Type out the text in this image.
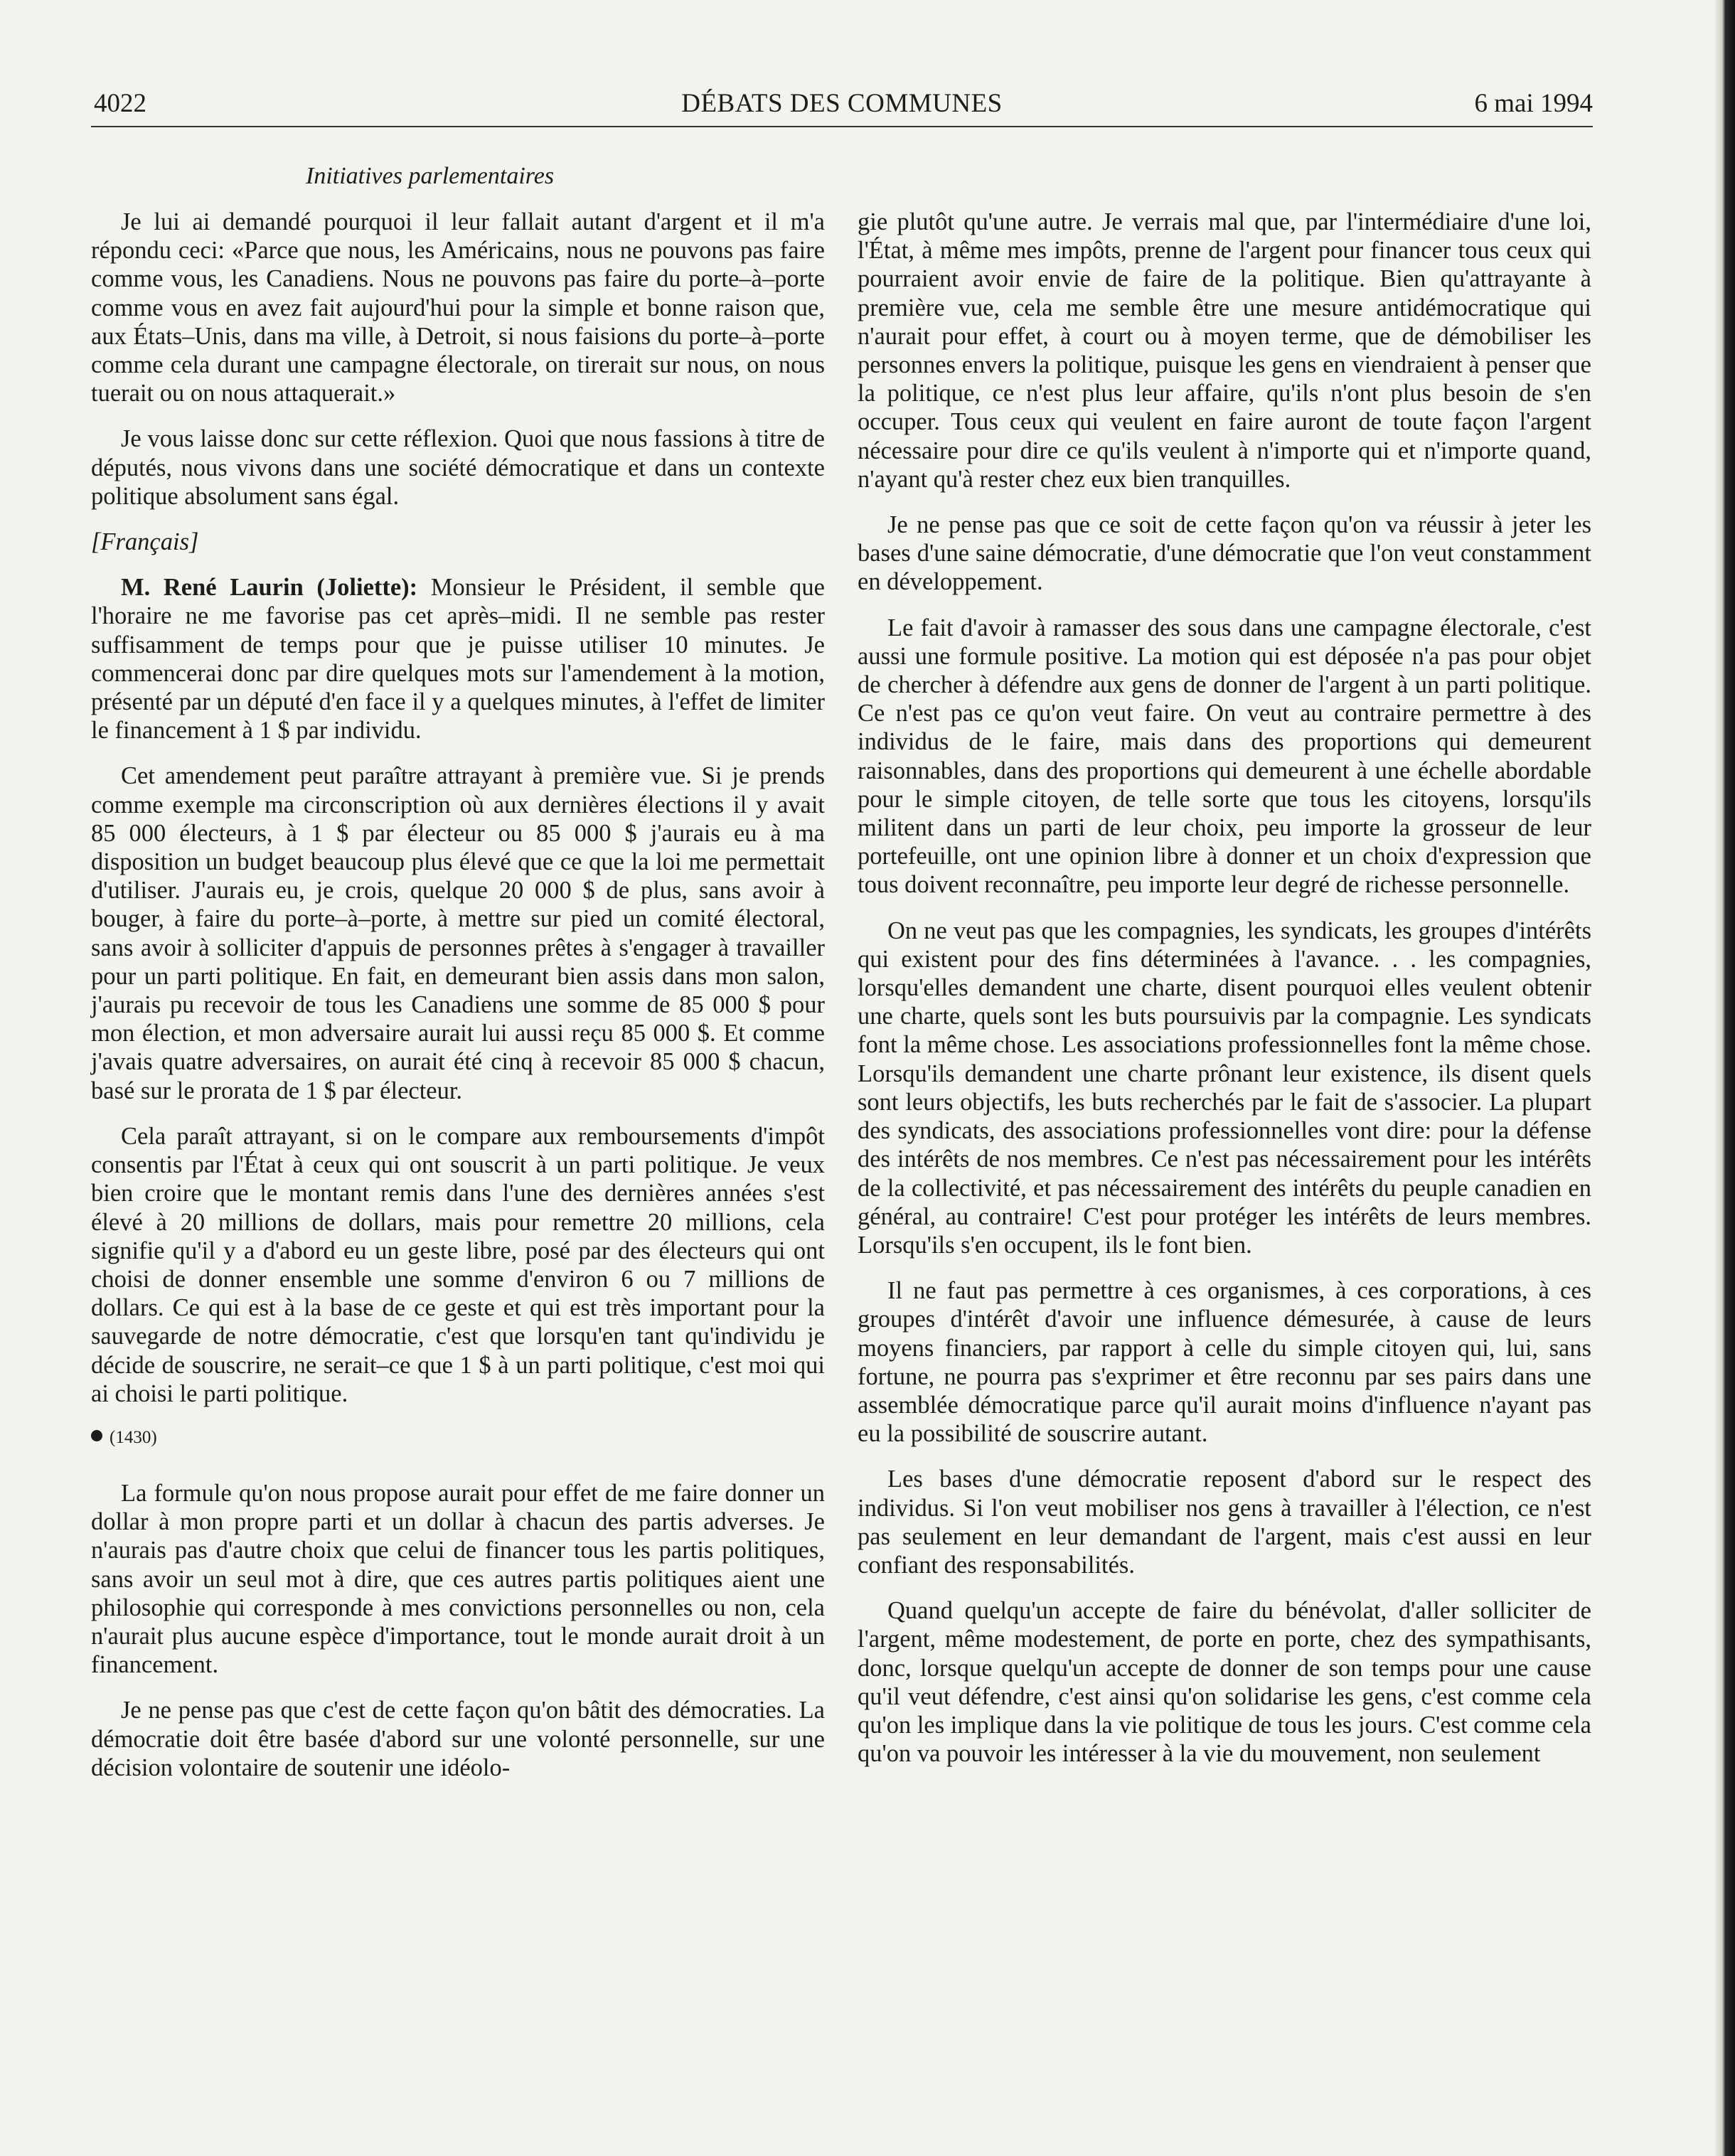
4022	DÉBATS DES COMMUNES	6 mai 1994
Initiatives parlementaires

Je lui ai demandé pourquoi il leur fallait autant d'argent et il m'a répondu ceci: «Parce que nous, les Américains, nous ne pouvons pas faire comme vous, les Canadiens. Nous ne pouvons pas faire du porte–à–porte comme vous en avez fait aujourd'hui pour la simple et bonne raison que, aux États–Unis, dans ma ville, à Detroit, si nous faisions du porte–à–porte comme cela durant une campagne électorale, on tirerait sur nous, on nous tuerait ou on nous attaquerait.»

Je vous laisse donc sur cette réflexion. Quoi que nous fassions à titre de députés, nous vivons dans une société démocratique et dans un contexte politique absolument sans égal.

[Français]

M. René Laurin (Joliette): Monsieur le Président, il semble que l'horaire ne me favorise pas cet après–midi. Il ne semble pas rester suffisamment de temps pour que je puisse utiliser 10 minutes. Je commencerai donc par dire quelques mots sur l'amendement à la motion, présenté par un député d'en face il y a quelques minutes, à l'effet de limiter le financement à 1 $ par individu.

Cet amendement peut paraître attrayant à première vue. Si je prends comme exemple ma circonscription où aux dernières élections il y avait 85 000 électeurs, à 1 $ par électeur ou 85 000 $ j'aurais eu à ma disposition un budget beaucoup plus élevé que ce que la loi me permettait d'utiliser. J'aurais eu, je crois, quelque 20 000 $ de plus, sans avoir à bouger, à faire du porte–à–porte, à mettre sur pied un comité électoral, sans avoir à solliciter d'appuis de personnes prêtes à s'engager à travailler pour un parti politique. En fait, en demeurant bien assis dans mon salon, j'aurais pu recevoir de tous les Canadiens une somme de 85 000 $ pour mon élection, et mon adversaire aurait lui aussi reçu 85 000 $. Et comme j'avais quatre adversaires, on aurait été cinq à recevoir 85 000 $ chacun, basé sur le prorata de 1 $ par électeur.

Cela paraît attrayant, si on le compare aux remboursements d'impôt consentis par l'État à ceux qui ont souscrit à un parti politique. Je veux bien croire que le montant remis dans l'une des dernières années s'est élevé à 20 millions de dollars, mais pour remettre 20 millions, cela signifie qu'il y a d'abord eu un geste libre, posé par des électeurs qui ont choisi de donner ensemble une somme d'environ 6 ou 7 millions de dollars. Ce qui est à la base de ce geste et qui est très important pour la sauvegarde de notre démocratie, c'est que lorsqu'en tant qu'individu je décide de souscrire, ne serait–ce que 1 $ à un parti politique, c'est moi qui ai choisi le parti politique.

(1430)

La formule qu'on nous propose aurait pour effet de me faire donner un dollar à mon propre parti et un dollar à chacun des partis adverses. Je n'aurais pas d'autre choix que celui de financer tous les partis politiques, sans avoir un seul mot à dire, que ces autres partis politiques aient une philosophie qui corresponde à mes convictions personnelles ou non, cela n'aurait plus aucune espèce d'importance, tout le monde aurait droit à un financement.

Je ne pense pas que c'est de cette façon qu'on bâtit des démocraties. La démocratie doit être basée d'abord sur une volonté personnelle, sur une décision volontaire de soutenir une idéolo-

gie plutôt qu'une autre. Je verrais mal que, par l'intermédiaire d'une loi, l'État, à même mes impôts, prenne de l'argent pour financer tous ceux qui pourraient avoir envie de faire de la politique. Bien qu'attrayante à première vue, cela me semble être une mesure antidémocratique qui n'aurait pour effet, à court ou à moyen terme, que de démobiliser les personnes envers la politique, puisque les gens en viendraient à penser que la politique, ce n'est plus leur affaire, qu'ils n'ont plus besoin de s'en occuper. Tous ceux qui veulent en faire auront de toute façon l'argent nécessaire pour dire ce qu'ils veulent à n'importe qui et n'importe quand, n'ayant qu'à rester chez eux bien tranquilles.

Je ne pense pas que ce soit de cette façon qu'on va réussir à jeter les bases d'une saine démocratie, d'une démocratie que l'on veut constamment en développement.

Le fait d'avoir à ramasser des sous dans une campagne électorale, c'est aussi une formule positive. La motion qui est déposée n'a pas pour objet de chercher à défendre aux gens de donner de l'argent à un parti politique. Ce n'est pas ce qu'on veut faire. On veut au contraire permettre à des individus de le faire, mais dans des proportions qui demeurent raisonnables, dans des proportions qui demeurent à une échelle abordable pour le simple citoyen, de telle sorte que tous les citoyens, lorsqu'ils militent dans un parti de leur choix, peu importe la grosseur de leur portefeuille, ont une opinion libre à donner et un choix d'expression que tous doivent reconnaître, peu importe leur degré de richesse personnelle.

On ne veut pas que les compagnies, les syndicats, les groupes d'intérêts qui existent pour des fins déterminées à l'avance. . . les compagnies, lorsqu'elles demandent une charte, disent pourquoi elles veulent obtenir une charte, quels sont les buts poursuivis par la compagnie. Les syndicats font la même chose. Les associations professionnelles font la même chose. Lorsqu'ils demandent une charte prônant leur existence, ils disent quels sont leurs objectifs, les buts recherchés par le fait de s'associer. La plupart des syndicats, des associations professionnelles vont dire: pour la défense des intérêts de nos membres. Ce n'est pas nécessairement pour les intérêts de la collectivité, et pas nécessairement des intérêts du peuple canadien en général, au contraire! C'est pour protéger les intérêts de leurs membres. Lorsqu'ils s'en occupent, ils le font bien.

Il ne faut pas permettre à ces organismes, à ces corporations, à ces groupes d'intérêt d'avoir une influence démesurée, à cause de leurs moyens financiers, par rapport à celle du simple citoyen qui, lui, sans fortune, ne pourra pas s'exprimer et être reconnu par ses pairs dans une assemblée démocratique parce qu'il aurait moins d'influence n'ayant pas eu la possibilité de souscrire autant.

Les bases d'une démocratie reposent d'abord sur le respect des individus. Si l'on veut mobiliser nos gens à travailler à l'élection, ce n'est pas seulement en leur demandant de l'argent, mais c'est aussi en leur confiant des responsabilités.

Quand quelqu'un accepte de faire du bénévolat, d'aller solliciter de l'argent, même modestement, de porte en porte, chez des sympathisants, donc, lorsque quelqu'un accepte de donner de son temps pour une cause qu'il veut défendre, c'est ainsi qu'on solidarise les gens, c'est comme cela qu'on les implique dans la vie politique de tous les jours. C'est comme cela qu'on va pouvoir les intéresser à la vie du mouvement, non seulement
